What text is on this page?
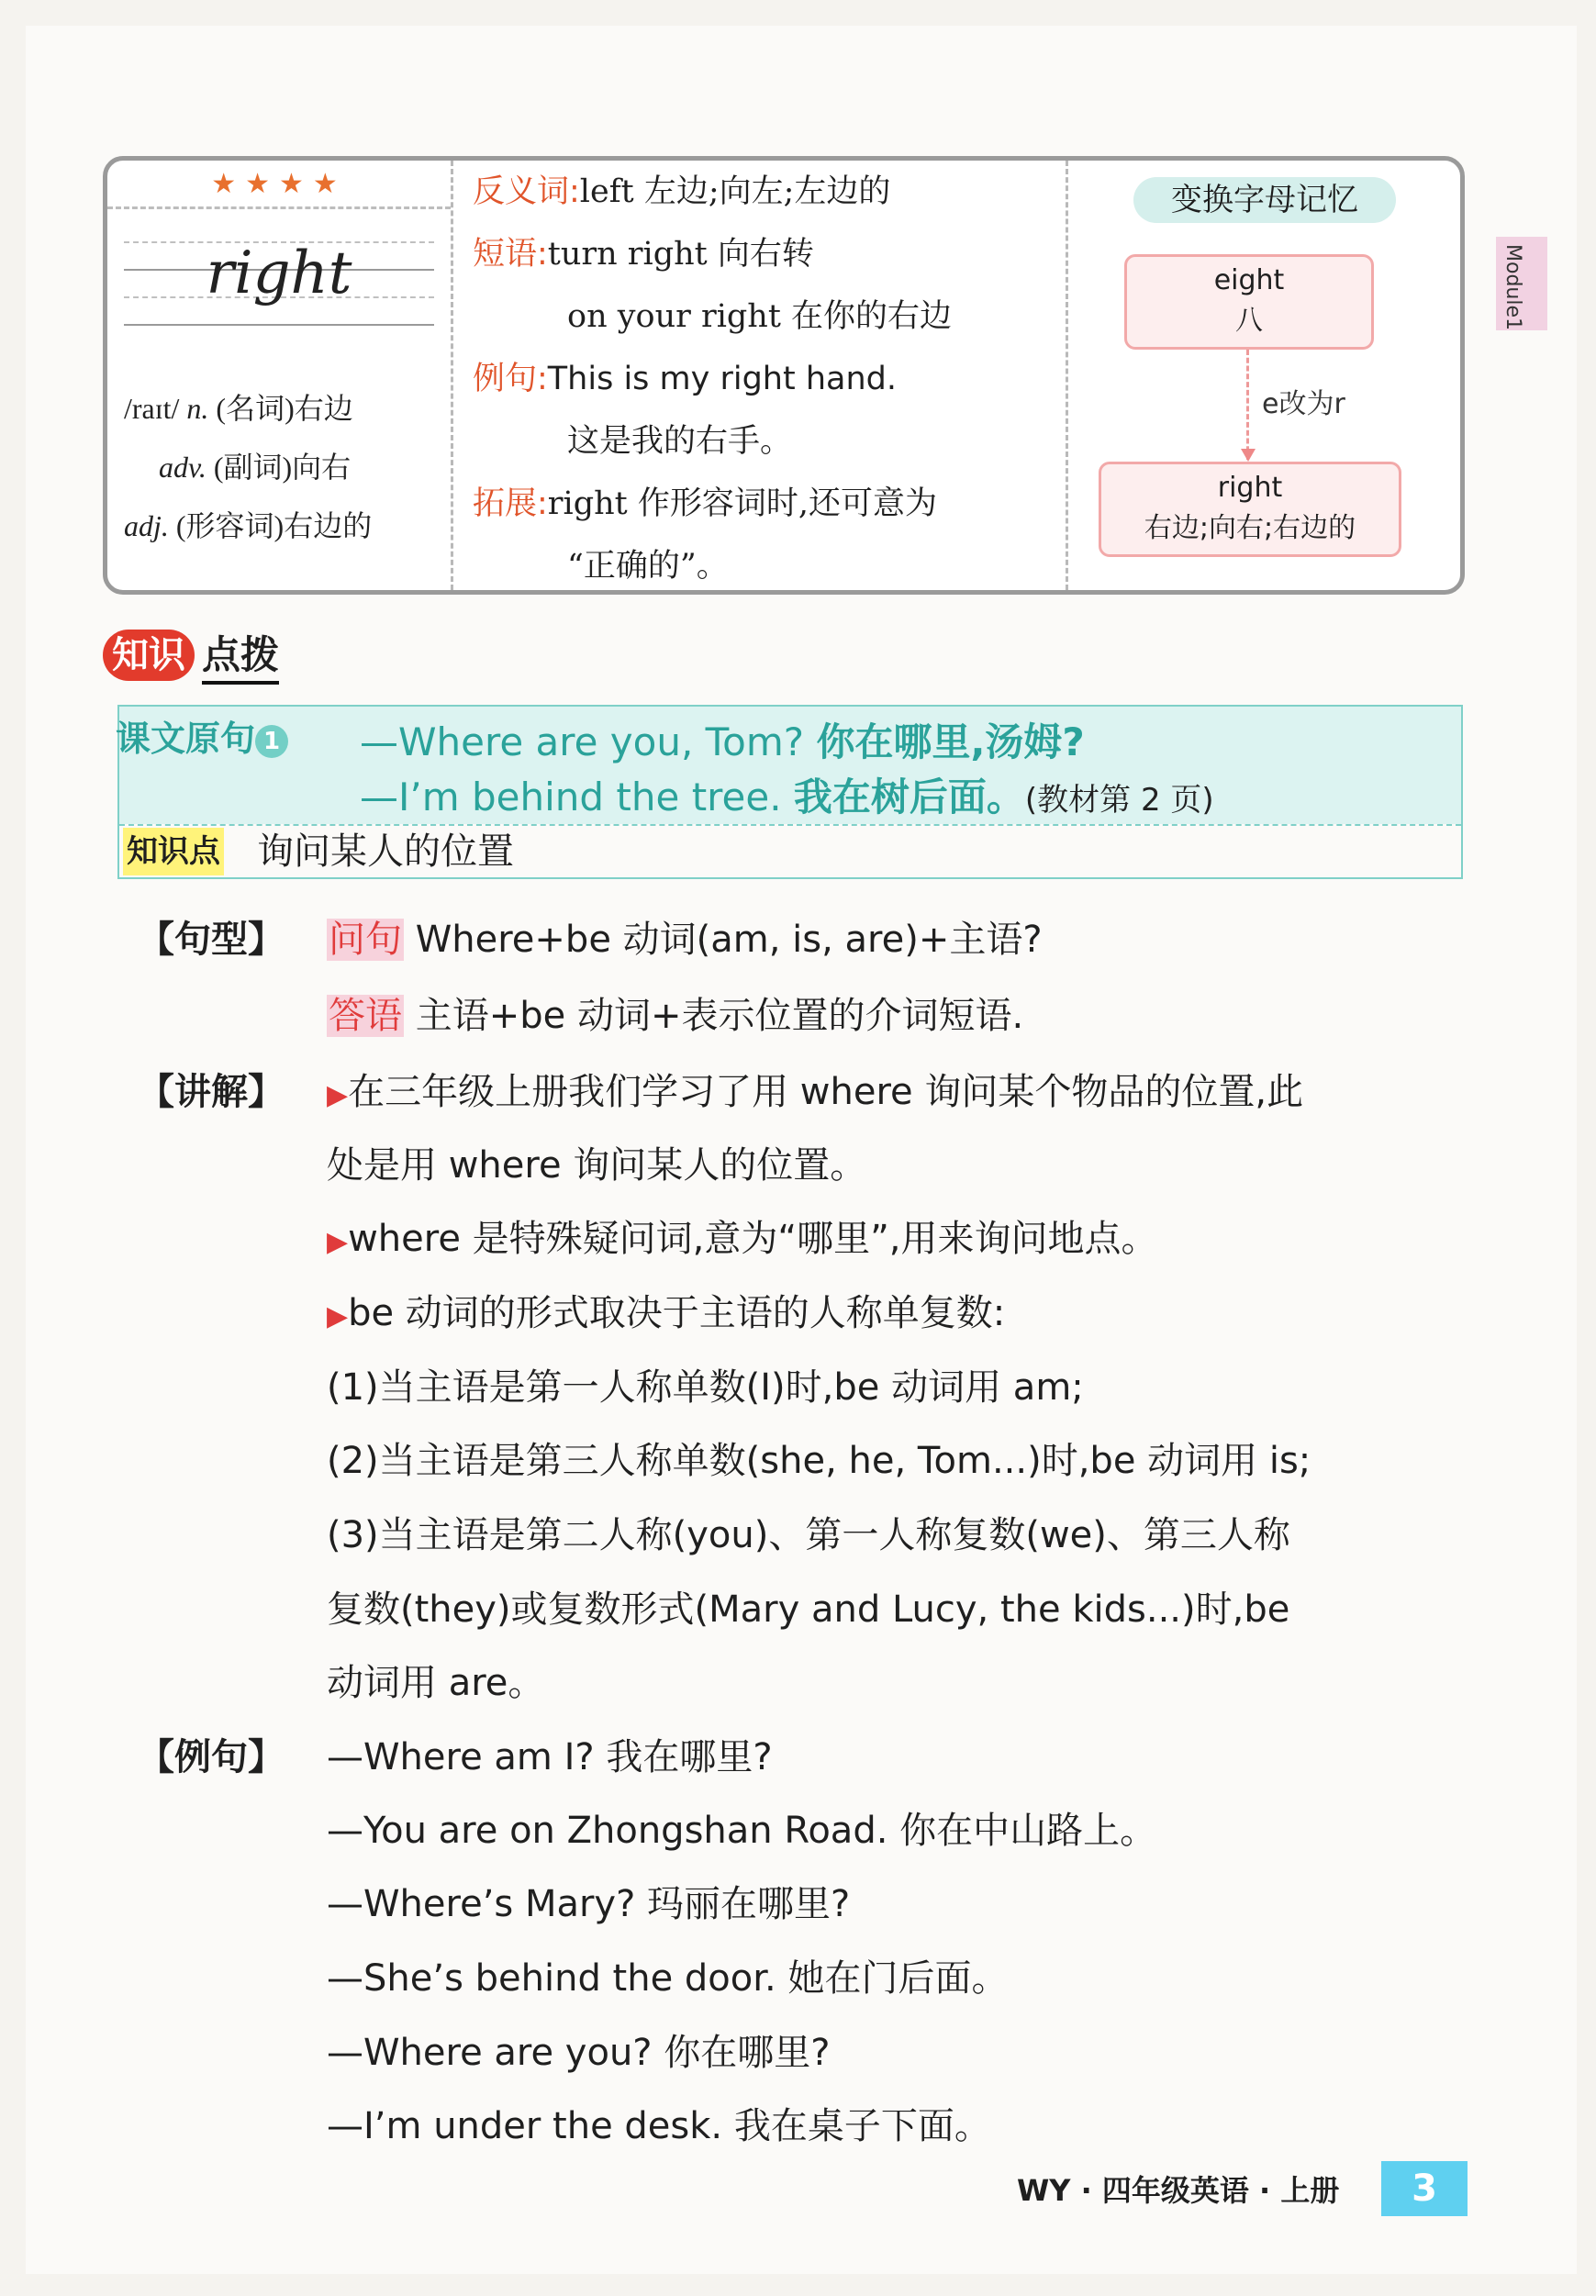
★★★★
right
/raɪt/ n. (名词)右边
adv. (副词)向右
adj. (形容词)右边的
反义词:left 左边;向左;左边的
短语:turn right 向右转
on your right 在你的右边
例句:This is my right hand.
这是我的右手。
拓展:right 作形容词时,还可意为
“正确的”。
变换字母记忆
eight
八
e改为r
right
右边;向右;右边的
Module1
知识 点拨
课文原句 1 —Where are you, Tom? 你在哪里,汤姆?
—I’m behind the tree. 我在树后面。(教材第 2 页)
知识点 询问某人的位置
【句型】 问句 Where+be 动词(am, is, are)+主语?
答语 主语+be 动词+表示位置的介词短语.
【讲解】 ▶在三年级上册我们学习了用 where 询问某个物品的位置,此
处是用 where 询问某人的位置。
▶where 是特殊疑问词,意为“哪里”,用来询问地点。
▶be 动词的形式取决于主语的人称单复数:
(1)当主语是第一人称单数(I)时,be 动词用 am;
(2)当主语是第三人称单数(she, he, Tom...)时,be 动词用 is;
(3)当主语是第二人称(you)、第一人称复数(we)、第三人称
复数(they)或复数形式(Mary and Lucy, the kids...)时,be
动词用 are。
【例句】 —Where am I? 我在哪里?
—You are on Zhongshan Road. 你在中山路上。
—Where’s Mary? 玛丽在哪里?
—She’s behind the door. 她在门后面。
—Where are you? 你在哪里?
—I’m under the desk. 我在桌子下面。
WY · 四年级英语 · 上册	3
